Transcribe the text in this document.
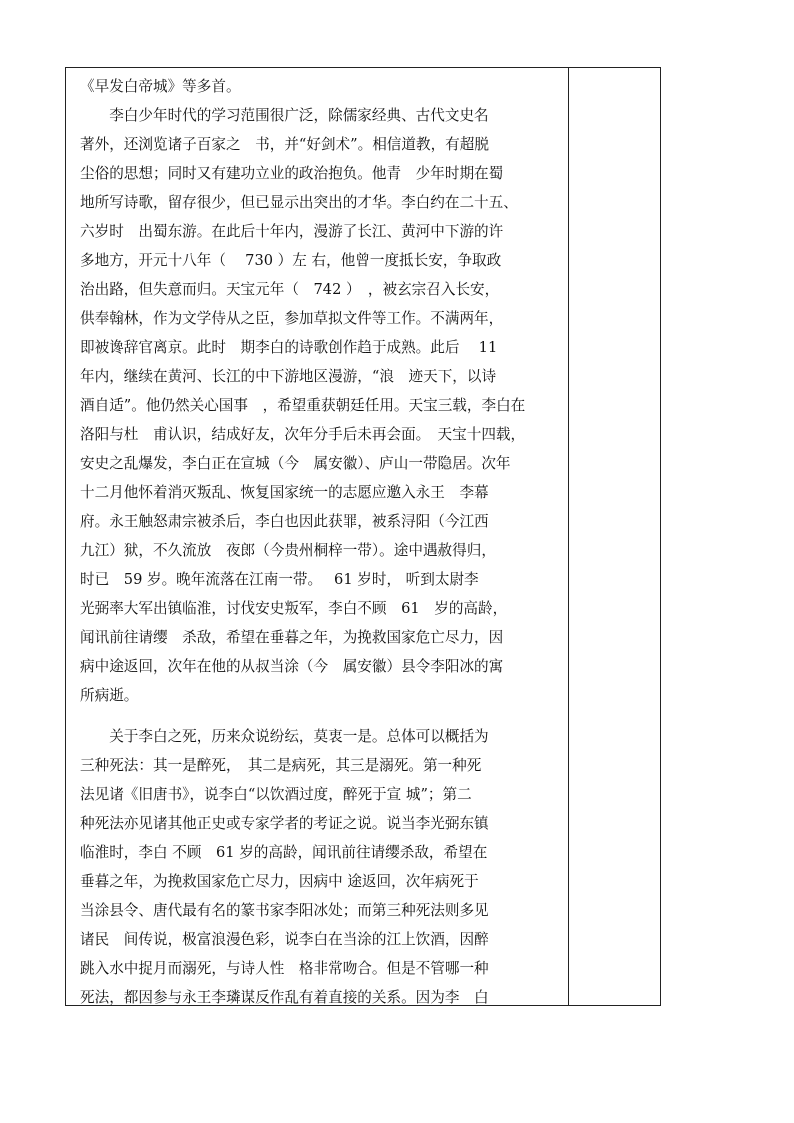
《早发白帝城》等多首。
　　李白少年时代的学习范围很广泛，除儒家经典、古代文史名
著外，还浏览诸子百家之　书，并“好剑术”。相信道教，有超脱
尘俗的思想；同时又有建功立业的政治抱负。他青　少年时期在蜀
地所写诗歌，留存很少，但已显示出突出的才华。李白约在二十五、
六岁时　出蜀东游。在此后十年内，漫游了长江、黄河中下游的许
多地方，开元十八年（　 730 ）左 右，他曾一度抵长安，争取政
治出路，但失意而归。天宝元年（　742 ）　，被玄宗召入长安，
供奉翰林，作为文学侍从之臣，参加草拟文件等工作。不满两年，
即被谗辞官离京。此时　期李白的诗歌创作趋于成熟。此后　 11
年内，继续在黄河、长江的中下游地区漫游，“浪　迹天下，以诗
酒自适”。他仍然关心国事　，希望重获朝廷任用。天宝三载，李白在
洛阳与杜　甫认识，结成好友，次年分手后未再会面。　天宝十四载，
安史之乱爆发，李白正在宣城（今　属安徽）、庐山一带隐居。次年
十二月他怀着消灭叛乱、恢复国家统一的志愿应邀入永王　李幕
府。永王触怒肃宗被杀后，李白也因此获罪，被系浔阳（今江西
九江）狱，不久流放　夜郎（今贵州桐梓一带）。途中遇赦得归，
时已　59 岁。晚年流落在江南一带。　 61 岁时， 听到太尉李
光弼率大军出镇临淮，讨伐安史叛军，李白不顾　61　岁的高龄，
闻讯前往请缨　杀敌，希望在垂暮之年，为挽救国家危亡尽力，因
病中途返回，次年在他的从叔当涂（今　属安徽）县令李阳冰的寓
所病逝。
　　关于李白之死，历来众说纷纭，莫衷一是。总体可以概括为
三种死法：其一是醉死，　其二是病死，其三是溺死。第一种死
法见诸《旧唐书》，说李白“以饮酒过度，醉死于宣 城”；第二
种死法亦见诸其他正史或专家学者的考证之说。说当李光弼东镇
临淮时，李白 不顾　61 岁的高龄，闻讯前往请缨杀敌，希望在
垂暮之年，为挽救国家危亡尽力，因病中 途返回，次年病死于
当涂县令、唐代最有名的篆书家李阳冰处；而第三种死法则多见
诸民　间传说，极富浪漫色彩，说李白在当涂的江上饮酒，因醉
跳入水中捉月而溺死，与诗人性　格非常吻合。但是不管哪一种
死法，都因参与永王李璘谋反作乱有着直接的关系。因为李　白
